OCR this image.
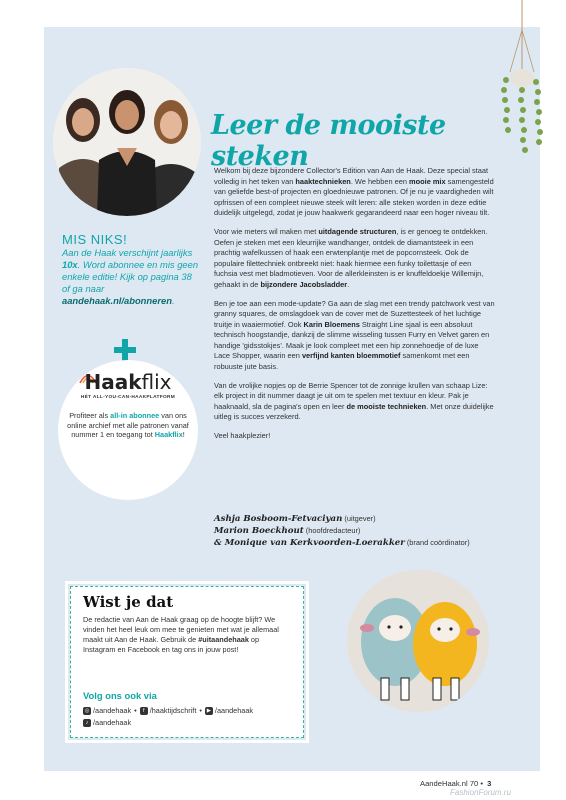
Leer de mooiste steken

Welkom bij deze bijzondere Collector's Edition van Aan de Haak. Deze special staat volledig in het teken van haaktechnieken. We hebben een mooie mix samengesteld van geliefde best-of projecten en gloednieuwe patronen. Of je nu je vaardigheden wilt opfrissen of een compleet nieuwe steek wilt leren: alle steken worden in deze editie duidelijk uitgelegd, zodat je jouw haakwerk gegarandeerd naar een hoger niveau tilt.

Voor wie meters wil maken met uitdagende structuren, is er genoeg te ontdekken. Oefen je steken met een kleurrijke wandhanger, ontdek de diamantsteek in een prachtig wafelkussen of haak een erwtenplantje met de popcornsteek. Ook de populaire filettechniek ontbreekt niet: haak hiermee een funky toilettasje of een fuchsia vest met bladmotieven. Voor de allerkleinsten is er knuffeldoekje Willemijn, gehaakt in de bijzondere Jacobsladder.

Ben je toe aan een mode-update? Ga aan de slag met een trendy patchwork vest van granny squares, de omslagdoek van de cover met de Suzettesteek of het luchtige truitje in waaiermotief. Ook Karin Bloemens Straight Line sjaal is een absoluut technisch hoogstandje, dankzij de slimme wisseling tussen Furry en Velvet garen en handige 'gidsstokjes'. Maak je look compleet met een hip zonnehoedje of de luxe Lace Shopper, waarin een verfijnd kanten bloemmotief samenkomt met een robuuste jute basis.

Van de vrolijke nopjes op de Berrie Spencer tot de zonnige krullen van schaap Lize: elk project in dit nummer daagt je uit om te spelen met textuur en kleur. Pak je haaknaald, sla de pagina's open en leer de mooiste technieken. Met onze duidelijke uitleg is succes verzekerd.

Veel haakplezier!

Ashja Bosboom-Fetvaciyan (uitgever)
Marion Boeckhout (hoofdredacteur)
& Monique van Kerkvoorden-Loerakker (brand coördinator)
MIS NIKS!
Aan de Haak verschijnt jaarlijks 10x. Word abonnee en mis geen enkele editie! Kijk op pagina 38 of ga naar aandehaak.nl/abonneren.
Haakflix
HÉT ALL-YOU-CAN-HAAKPLATFORM
Profiteer als all-in abonnee van ons online archief met alle patronen vanaf nummer 1 en toegang tot Haakflix!
Wist je dat
De redactie van Aan de Haak graag op de hoogte blijft? We vinden het heel leuk om mee te genieten met wat je allemaal maakt uit Aan de Haak. Gebruik de #uitaandehaak op Instagram en Facebook en tag ons in jouw post!
Volg ons ook via
◎ /aandehaak •	f /haaktijdschrift • ▶ /aandehaak
♪ /aandehaak
AandeHaak.nl 70 • 3
FashionForum.ru
